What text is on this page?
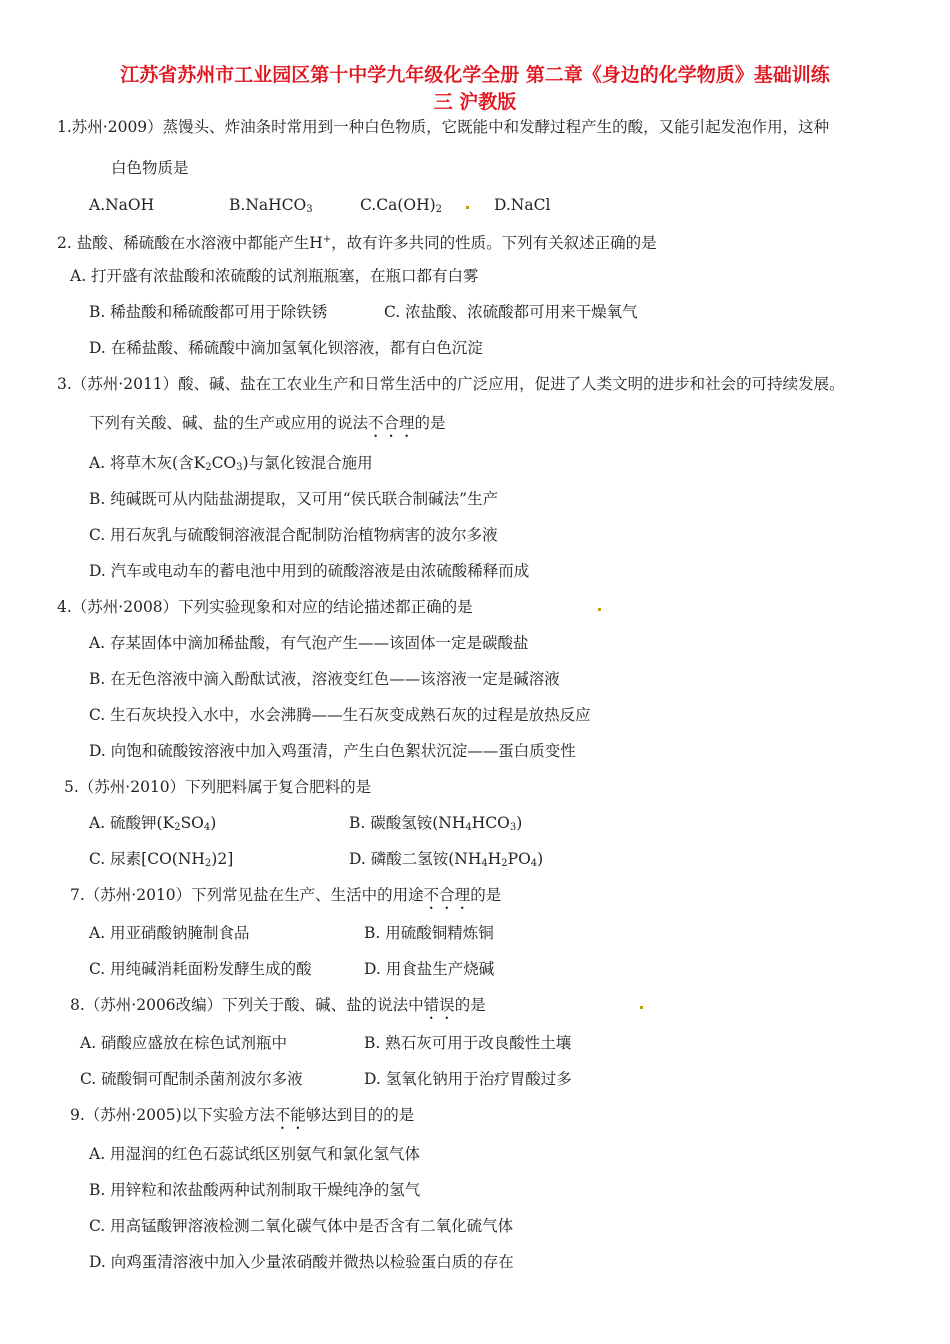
江苏省苏州市工业园区第十中学九年级化学全册 第二章《身边的化学物质》基础训练
三 沪教版
1.苏州·2009）蒸馒头、炸油条时常用到一种白色物质，它既能中和发酵过程产生的酸，又能引起发泡作用，这种
白色物质是
A.NaOH	B.NaHCO$_3$	$C.Ca(OH)_2$	D.NaCl
2. 盐酸、稀硫酸在水溶液中都能产生H+，故有许多共同的性质。下列有关叙述正确的是
A. 打开盛有浓盐酸和浓硫酸的试剂瓶瓶塞，在瓶口都有白雾
B. 稀盐酸和稀硫酸都可用于除铁锈	C. 浓盐酸、浓硫酸都可用来干燥氧气
D. 在稀盐酸、稀硫酸中滴加氢氧化钡溶液，都有白色沉淀
3.（苏州·2011）酸、碱、盐在工农业生产和日常生活中的广泛应用，促进了人类文明的进步和社会的可持续发展。
下列有关酸、碱、盐的生产或应用的说法不合理的是
A. 将草木灰(含$K_2CO_3$)与氯化铵混合施用
B. 纯碱既可从内陆盐湖提取，又可用“侯氏联合制碱法”生产
C. 用石灰乳与硫酸铜溶液混合配制防治植物病害的波尔多液
D. 汽车或电动车的蓄电池中用到的硫酸溶液是由浓硫酸稀释而成
4.（苏州·2008）下列实验现象和对应的结论描述都正确的是
A. 存某固体中滴加稀盐酸，有气泡产生——该固体一定是碳酸盐
B. 在无色溶液中滴入酚酞试液，溶液变红色——该溶液一定是碱溶液
C. 生石灰块投入水中，水会沸腾——生石灰变成熟石灰的过程是放热反应
D. 向饱和硫酸铵溶液中加入鸡蛋清，产生白色絮状沉淀——蛋白质变性
5.（苏州·2010）下列肥料属于复合肥料的是
A. 硫酸钾$(K_2SO_4)$	B. 碳酸氢铵$(NH_4HCO_3)$
C. 尿素$[CO(NH_2)2]$	D. 磷酸二氢铵$(NH_4H_2PO_4)$
7.（苏州·2010）下列常见盐在生产、生活中的用途不合理的是
A. 用亚硝酸钠腌制食品	B. 用硫酸铜精炼铜
C. 用纯碱消耗面粉发酵生成的酸	D. 用食盐生产烧碱
8.（苏州·2006改编）下列关于酸、碱、盐的说法中错误的是
A. 硝酸应盛放在棕色试剂瓶中	B. 熟石灰可用于改良酸性土壤
C. 硫酸铜可配制杀菌剂波尔多液	D. 氢氧化钠用于治疗胃酸过多
9.（苏州·2005)以下实验方法不能够达到目的的是
A. 用湿润的红色石蕊试纸区别氨气和氯化氢气体
B. 用锌粒和浓盐酸两种试剂制取干燥纯净的氢气
C. 用高锰酸钾溶液检测二氧化碳气体中是否含有二氧化硫气体
D. 向鸡蛋清溶液中加入少量浓硝酸并微热以检验蛋白质的存在
